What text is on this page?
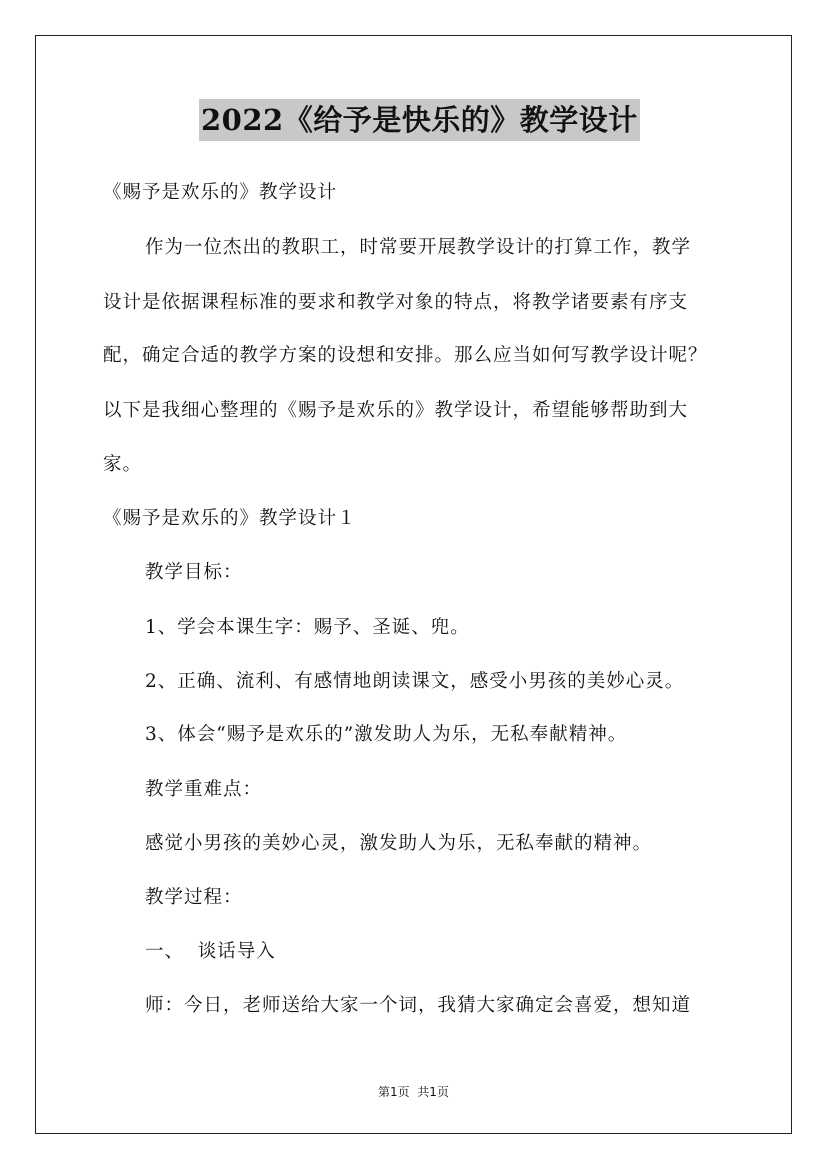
2022《给予是快乐的》教学设计
《赐予是欢乐的》教学设计
作为一位杰出的教职工，时常要开展教学设计的打算工作，教学
设计是依据课程标准的要求和教学对象的特点，将教学诸要素有序支
配，确定合适的教学方案的设想和安排。那么应当如何写教学设计呢？
以下是我细心整理的《赐予是欢乐的》教学设计，希望能够帮助到大
家。
《赐予是欢乐的》教学设计１
教学目标：
1、学会本课生字：赐予、圣诞、兜。
2、正确、流利、有感情地朗读课文，感受小男孩的美妙心灵。
3、体会“赐予是欢乐的”激发助人为乐，无私奉献精神。
教学重难点：
感觉小男孩的美妙心灵，激发助人为乐，无私奉献的精神。
教学过程：
一、  谈话导入
师：今日，老师送给大家一个词，我猜大家确定会喜爱，想知道
第1页  共1页
